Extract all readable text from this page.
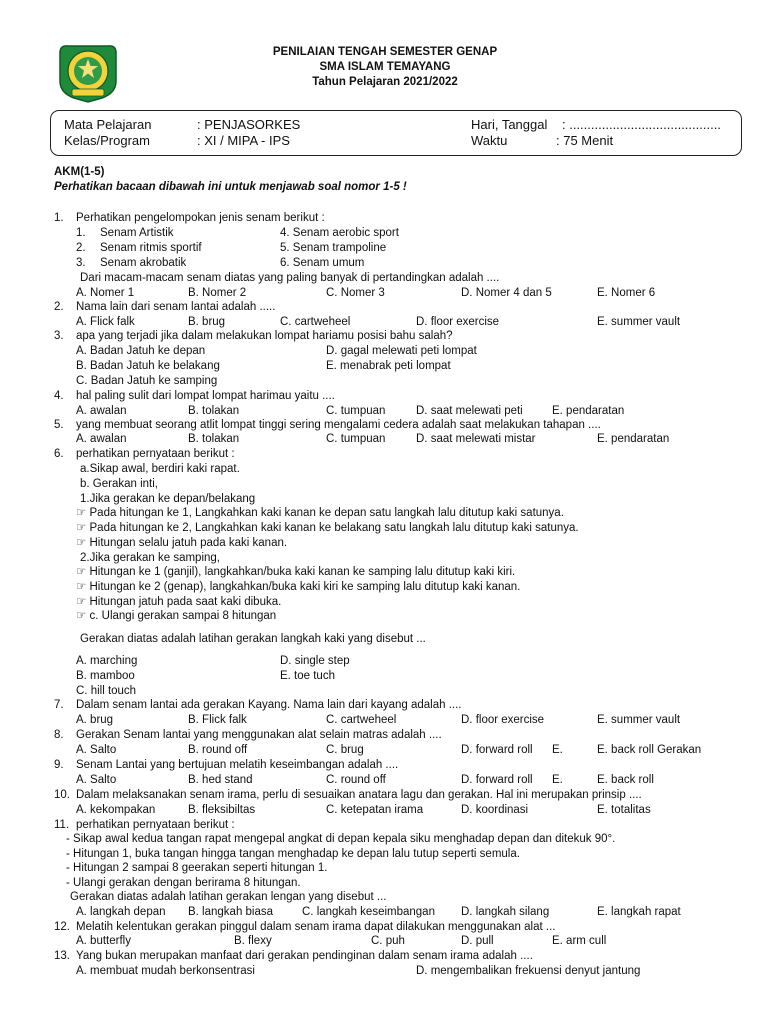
PENILAIAN TENGAH SEMESTER GENAP
SMA ISLAM TEMAYANG
Tahun Pelajaran 2021/2022
Mata Pelajaran	: PENJASORKES
Kelas/Program	: XI / MIPA - IPS
Hari, Tanggal : ..........................................
Waktu	: 75 Menit
AKM(1-5)
Perhatikan bacaan dibawah ini untuk menjawab soal nomor 1-5 !
1. Perhatikan pengelompokan jenis senam berikut :
1. Senam Artistik	4. Senam aerobic sport
2. Senam ritmis sportif	5. Senam trampoline
3. Senam akrobatik	6. Senam umum
Dari macam-macam senam diatas yang paling banyak di pertandingkan adalah ....
A. Nomer 1	B. Nomer 2	C. Nomer 3	D. Nomer 4 dan 5	E. Nomer 6
2. Nama lain dari senam lantai adalah .....
A. Flick falk	B. brug	C. cartweheel	D. floor exercise	E. summer vault
3. apa yang terjadi jika dalam melakukan lompat hariamu posisi bahu salah?
A. Badan Jatuh ke depan	D. gagal melewati peti lompat
B. Badan Jatuh ke belakang	E. menabrak peti lompat
C. Badan Jatuh ke samping
4. hal paling sulit dari lompat lompat harimau yaitu ....
A. awalan	B. tolakan	C. tumpuan	D. saat melewati peti	E. pendaratan
5. yang membuat seorang atlit lompat tinggi sering mengalami cedera adalah saat melakukan tahapan ....
A. awalan	B. tolakan	C. tumpuan	D. saat melewati mistar	E. pendaratan
6. perhatikan pernyataan berikut :
a.Sikap awal, berdiri kaki rapat.
b. Gerakan inti,
1.Jika gerakan ke depan/belakang
☞ Pada hitungan ke 1, Langkahkan kaki kanan ke depan satu langkah lalu ditutup kaki satunya.
☞ Pada hitungan ke 2, Langkahkan kaki kanan ke belakang satu langkah lalu ditutup kaki satunya.
☞ Hitungan selalu jatuh pada kaki kanan.
2.Jika gerakan ke samping,
☞ Hitungan ke 1 (ganjil), langkahkan/buka kaki kanan ke samping lalu ditutup kaki kiri.
☞ Hitungan ke 2 (genap), langkahkan/buka kaki kiri ke samping lalu ditutup kaki kanan.
☞ Hitungan jatuh pada saat kaki dibuka.
☞ c. Ulangi gerakan sampai 8 hitungan
Gerakan diatas adalah latihan gerakan langkah kaki yang disebut ...
A. marching	D. single step
B. mamboo	E. toe tuch
C. hill touch
7. Dalam senam lantai ada gerakan Kayang. Nama lain dari kayang adalah ....
A. brug	B. Flick falk	C. cartweheel	D. floor exercise	E. summer vault
8. Gerakan Senam lantai yang menggunakan alat selain matras adalah ....
A. Salto	B. round off	C. brug	D. forward roll E.	E. back roll Gerakan
9. Senam Lantai yang bertujuan melatih keseimbangan adalah ....
A. Salto	B. hed stand	C. round off	D. forward roll E.	E. back roll
10. Dalam melaksanakan senam irama, perlu di sesuaikan anatara lagu dan gerakan. Hal ini merupakan prinsip ....
A. kekompakan	B. fleksibiltas	C. ketepatan irama	D. koordinasi	E. totalitas
11. perhatikan pernyataan berikut :
- Sikap awal kedua tangan rapat mengepal angkat di depan kepala siku menghadap depan dan ditekuk 90°.
- Hitungan 1, buka tangan hingga tangan menghadap ke depan lalu tutup seperti semula.
- Hitungan 2 sampai 8 geerakan seperti hitungan 1.
- Ulangi gerakan dengan berirama 8 hitungan.
Gerakan diatas adalah latihan gerakan lengan yang disebut ...
A. langkah depan B. langkah biasa	C. langkah keseimbangan D. langkah silang	E. langkah rapat
12. Melatih kelentukan gerakan pinggul dalam senam irama dapat dilakukan menggunakan alat ...
A. butterfly	B. flexy	C. puh	D. pull	E. arm cull
13. Yang bukan merupakan manfaat dari gerakan pendinginan dalam senam irama adalah ....
A. membuat mudah berkonsentrasi	D. mengembalikan frekuensi denyut jantung
